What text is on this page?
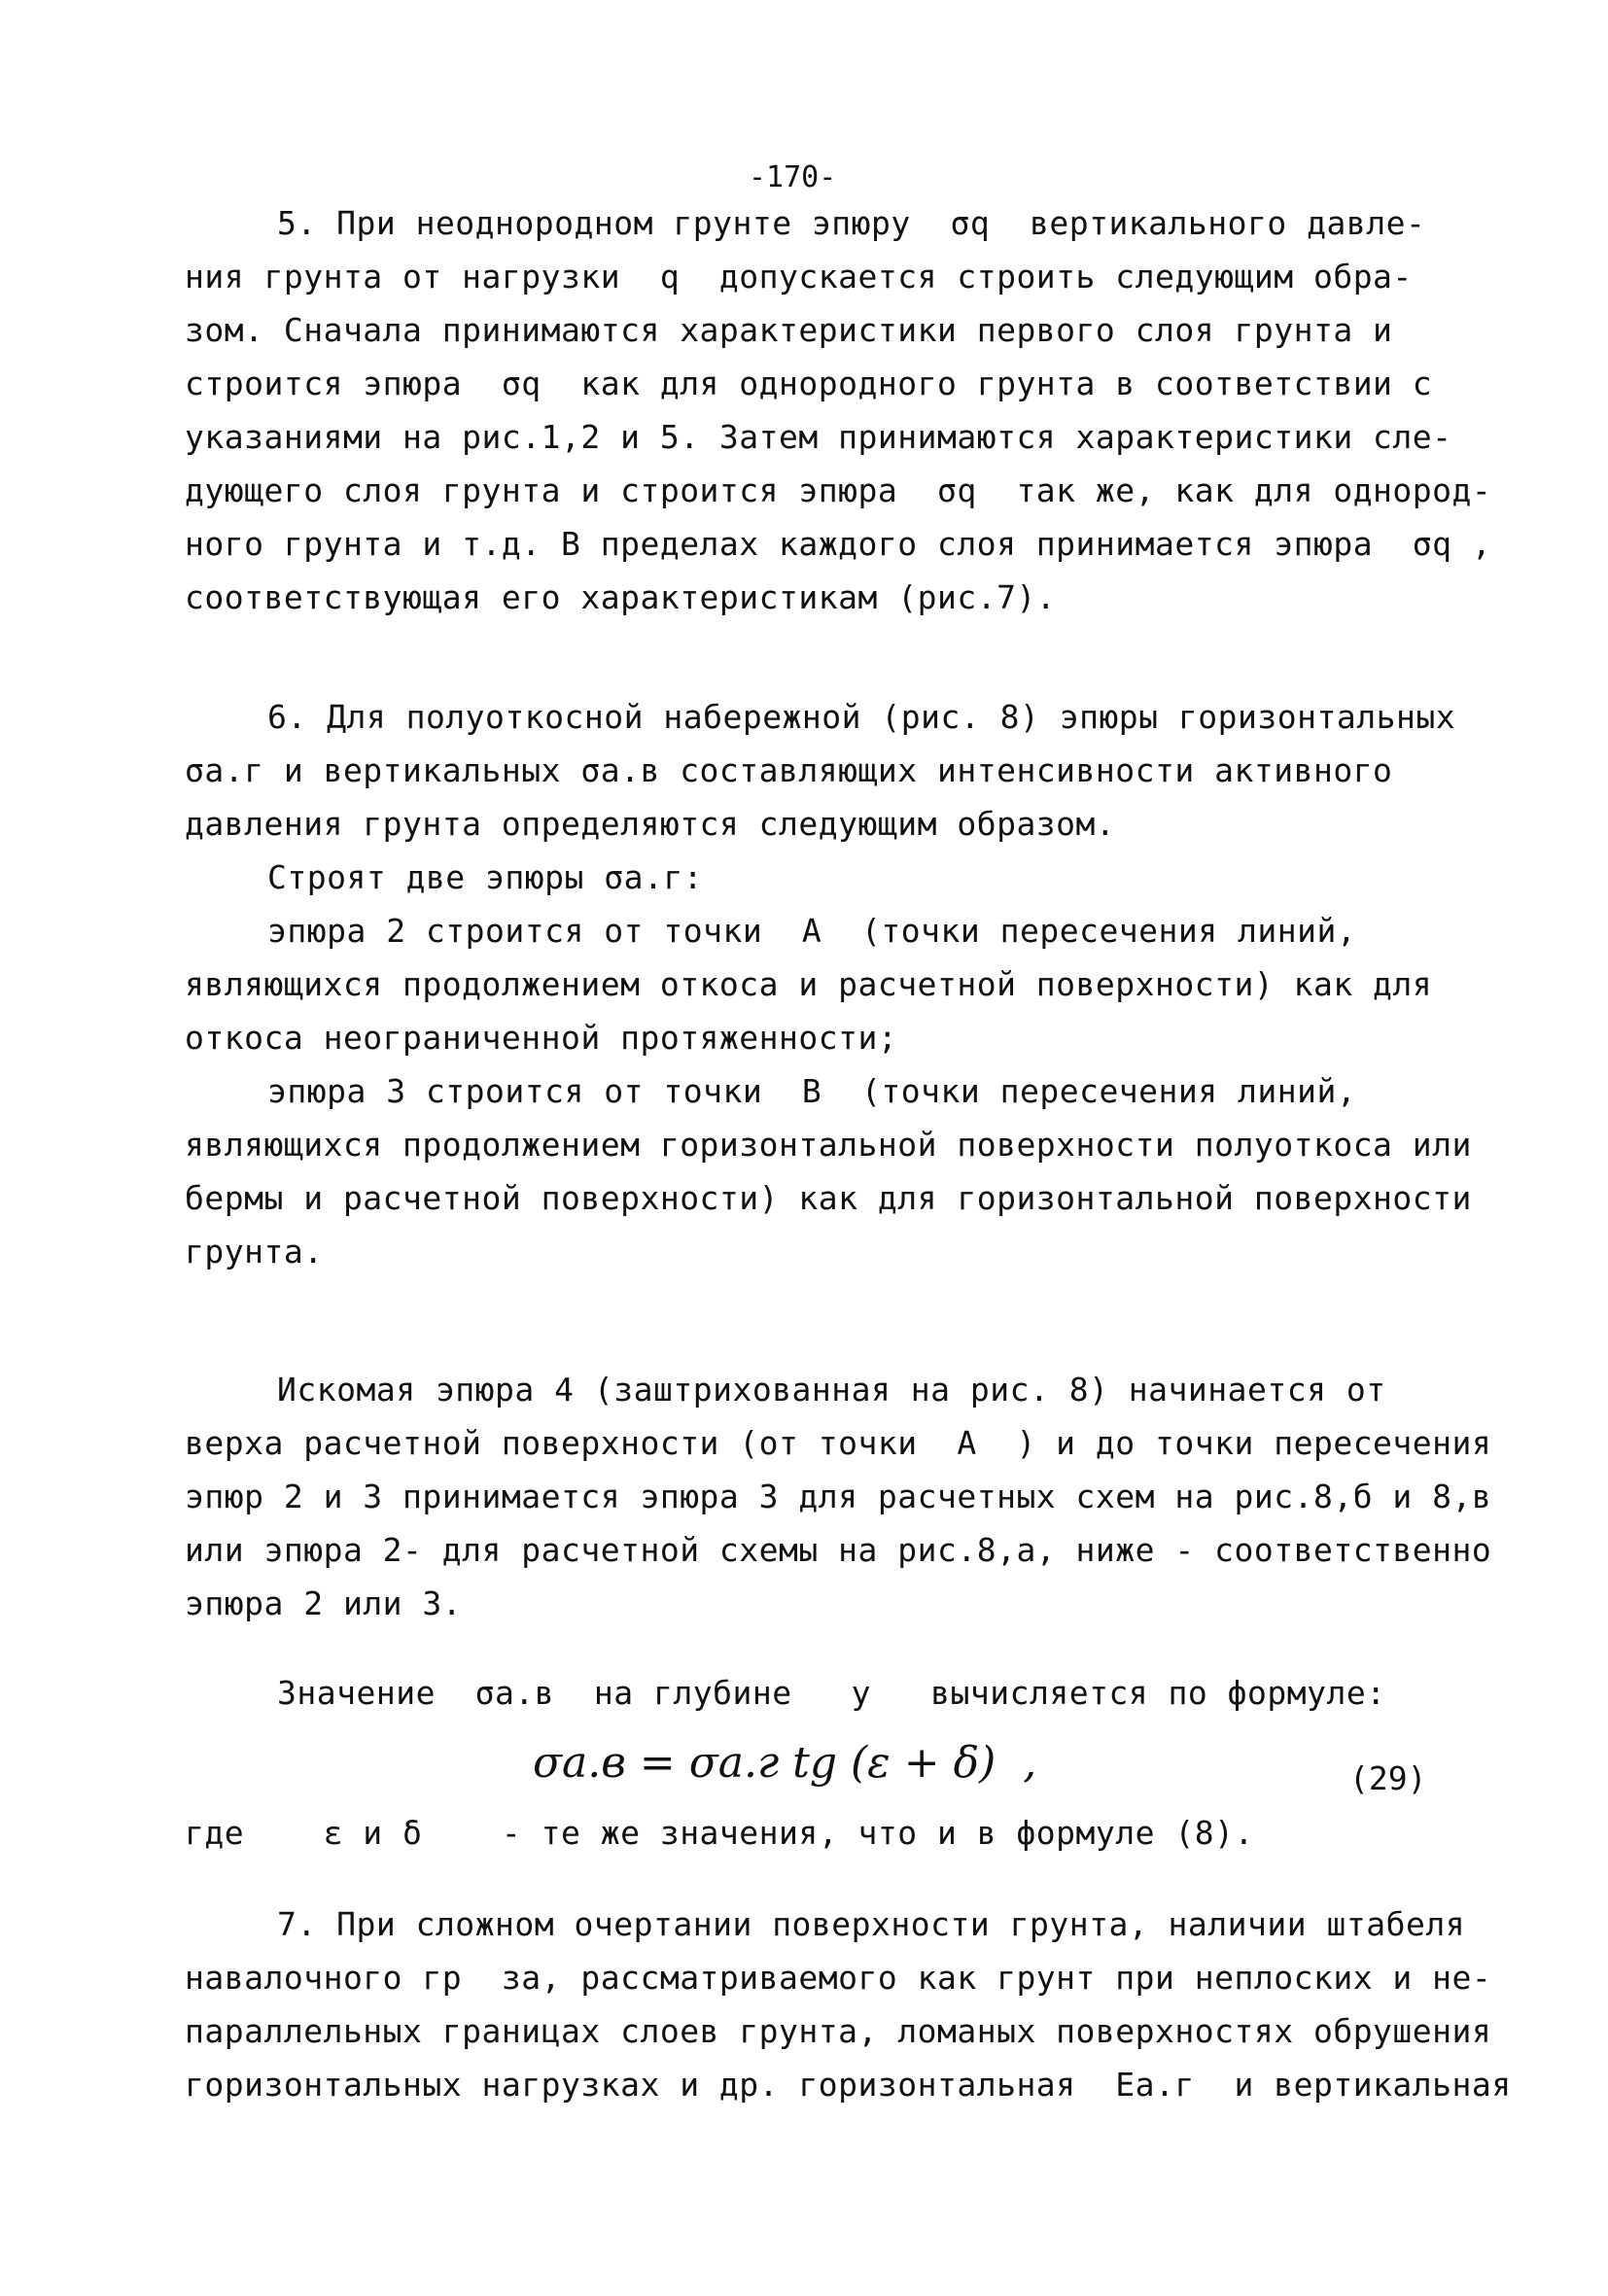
-170-
5. При неоднородном грунте эпюру  σq  вертикального давле-
ния грунта от нагрузки  q  допускается строить следующим обра-
зом. Сначала принимаются характеристики первого слоя грунта и
строится эпюра  σq  как для однородного грунта в соответствии с
указаниями на рис.1,2 и 5. Затем принимаются характеристики сле-
дующего слоя грунта и строится эпюра  σq  так же, как для однород-
ного грунта и т.д. В пределах каждого слоя принимается эпюра  σq ,
соответствующая его характеристикам (рис.7).
6. Для полуоткосной набережной (рис. 8) эпюры горизонтальных
σa.г и вертикальных σa.в составляющих интенсивности активного
давления грунта определяются следующим образом.
Строят две эпюры σa.г:
эпюра 2 строится от точки  A  (точки пересечения линий,
являющихся продолжением откоса и расчетной поверхности) как для
откоса неограниченной протяженности;
эпюра 3 строится от точки  B  (точки пересечения линий,
являющихся продолжением горизонтальной поверхности полуоткоса или
бермы и расчетной поверхности) как для горизонтальной поверхности
грунта.
Искомая эпюра 4 (заштрихованная на рис. 8) начинается от
верха расчетной поверхности (от точки  A  ) и до точки пересечения
эпюр 2 и 3 принимается эпюра 3 для расчетных схем на рис.8,б и 8,в
или эпюра 2- для расчетной схемы на рис.8,а, ниже - соответственно
эпюра 2 или 3.
Значение  σa.в  на глубине   y   вычисляется по формуле:
где    ε и δ    - те же значения, что и в формуле (8).
7. При сложном очертании поверхности грунта, наличии штабеля
навалочного гр  за, рассматриваемого как грунт при неплоских и не-
параллельных границах слоев грунта, ломаных поверхностях обрушения
горизонтальных нагрузках и др. горизонтальная  Ea.г  и вертикальная
σa.в = σa.г tg (ε + δ)  ,	(29)
